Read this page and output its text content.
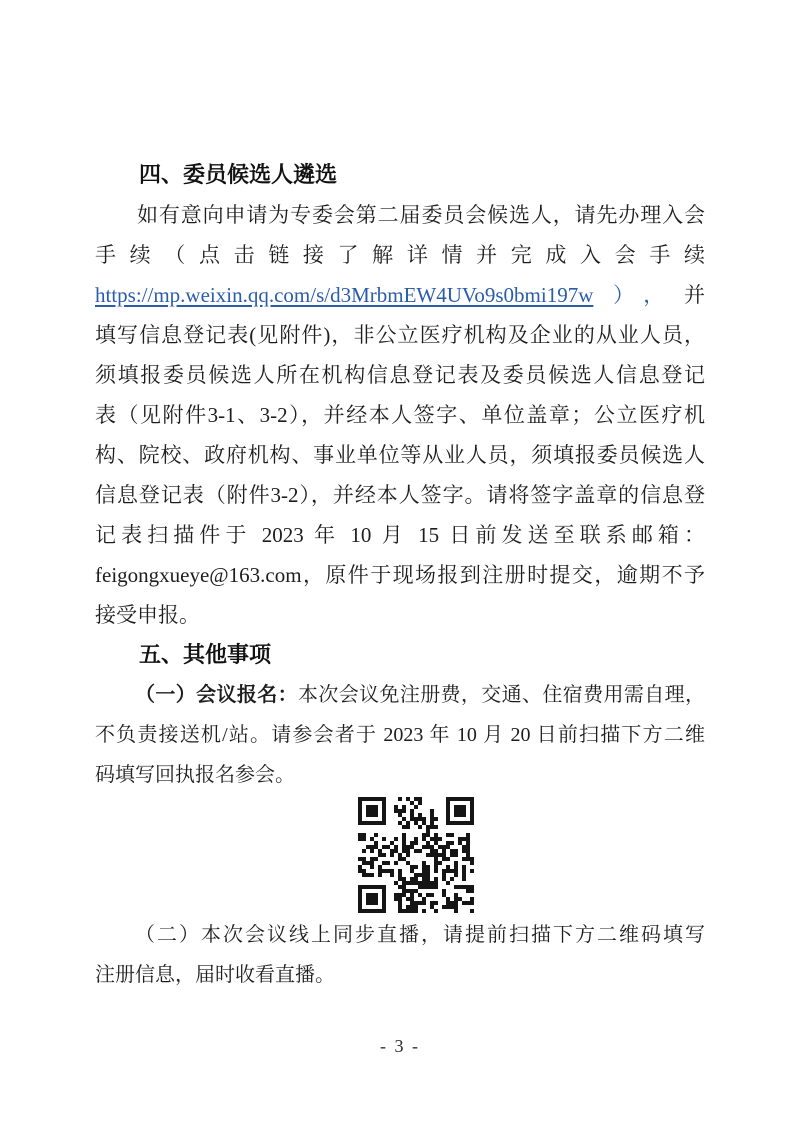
四、委员候选人遴选
如有意向申请为专委会第二届委员会候选人，请先办理入会
手续（点击链接了解详情并完成入会手续
https://mp.weixin.qq.com/s/d3MrbmEW4UVo9s0bmi197w），并
填写信息登记表(见附件)，非公立医疗机构及企业的从业人员，
须填报委员候选人所在机构信息登记表及委员候选人信息登记
表（见附件3-1、3-2），并经本人签字、单位盖章；公立医疗机
构、院校、政府机构、事业单位等从业人员，须填报委员候选人
信息登记表（附件3-2），并经本人签字。请将签字盖章的信息登
记表扫描件于 2023 年 10 月 15 日前发送至联系邮箱：
feigongxueye@163.com，原件于现场报到注册时提交，逾期不予
接受申报。
五、其他事项
（一）会议报名：本次会议免注册费，交通、住宿费用需自理，
不负责接送机/站。请参会者于 2023 年 10 月 20 日前扫描下方二维
码填写回执报名参会。
（二）本次会议线上同步直播，请提前扫描下方二维码填写
注册信息，届时收看直播。
- 3 -
